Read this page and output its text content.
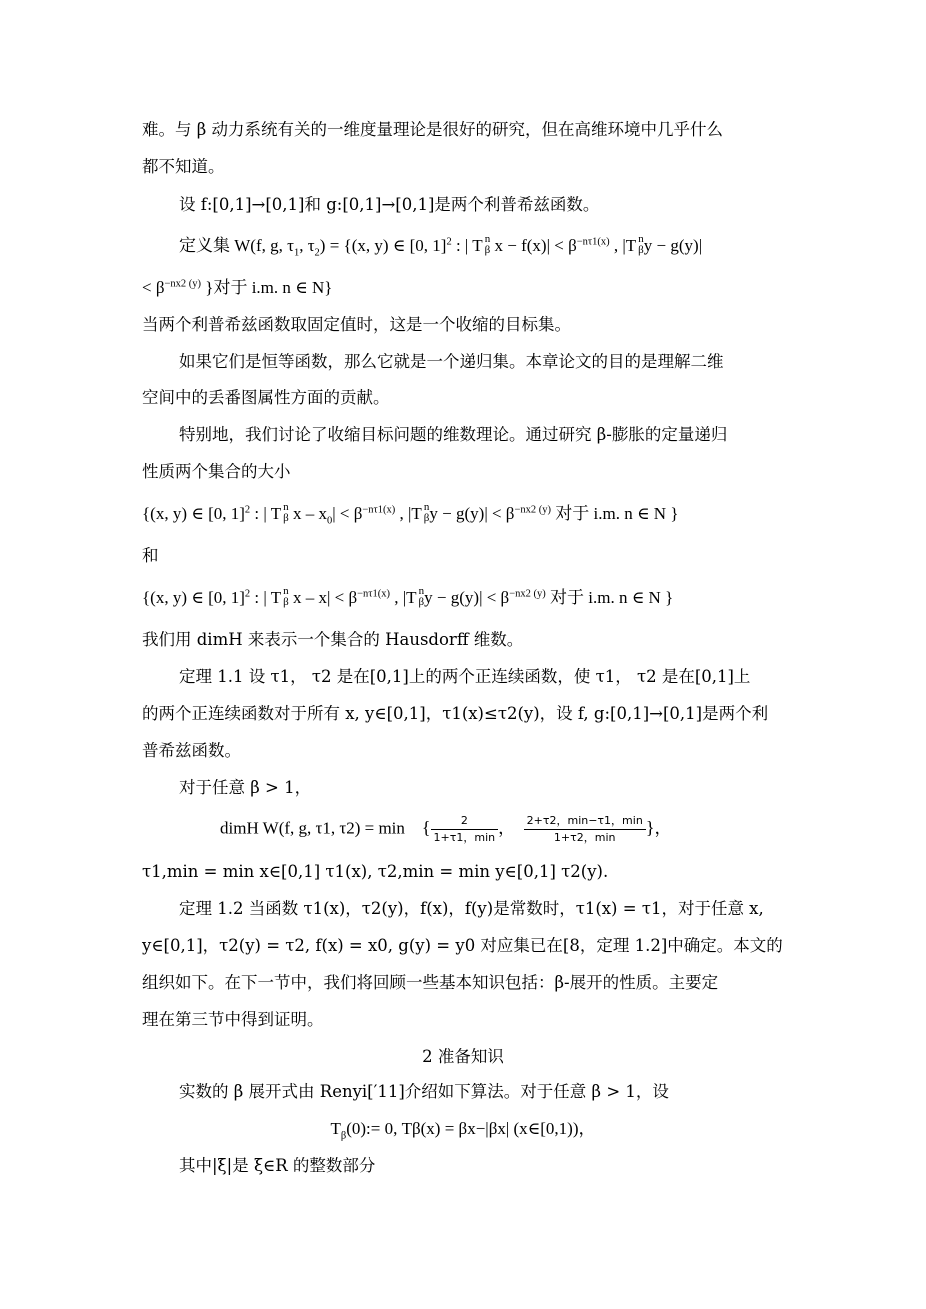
难。与 β 动力系统有关的一维度量理论是很好的研究，但在高维环境中几乎什么
都不知道。
设 f:[0,1]→[0,1]和 g:[0,1]→[0,1]是两个利普希兹函数。
定义集 W(f, g, $\tau_1$, $\tau_2) = \{(x$, y) ∈ [0, 1]$^2$ : | T n
β $x - f(x)| < \beta^{-n\tau 1(x)}$ , |T n
β y − g(y)|
< $\beta^{-nx2 (y)}$ }对于 i.m. n ∈ N}
当两个利普希兹函数取固定值时，这是一个收缩的目标集。
如果它们是恒等函数，那么它就是一个递归集。本章论文的目的是理解二维
空间中的丢番图属性方面的贡献。
特别地，我们讨论了收缩目标问题的维数理论。通过研究 β-膨胀的定量递归
性质两个集合的大小
{(x, y) ∈ [0, 1]$^2$ : | T n
β $x - x_0| < \beta^{-n\tau 1(x)}$ , |T n
β $y - g(y)| < \beta^{-nx2 (y)}$ 对于 i.m. n ∈ N }
和
{(x, y) ∈ [0, 1]$^2$ : | T n
β $x - x| < \beta^{-n\tau 1(x)}$ , |T n
β $y - g(y)| < \beta^{-nx2 (y)}$ 对于 i.m. n ∈ N }
我们用 dimH 来表示一个集合的 Hausdorff 维数。
定理 1.1 设 τ1， τ2 是在[0,1]上的两个正连续函数，使 τ1， τ2 是在[0,1]上
的两个正连续函数对于所有 x, y∈[0,1]，τ1(x)≤τ2(y)，设 f, g:[0,1]→[0,1]是两个利
普希兹函数。
对于任意 β > 1，
dimH W(f, g, τ1, τ2) = min { $\frac{2}{1+\tau 1,\min}$ ， $\frac{2+\tau 2,\min-\tau 1,\min}{1+\tau 2,\min}$ }，
τ1,min = min x∈[0,1] τ1(x), τ2,min = min y∈[0,1] τ2(y).
定理 1.2 当函数 τ1(x)，τ2(y)，f(x)，f(y)是常数时，τ1(x) = τ1，对于任意 x,
y∈[0,1]，τ2(y) = τ2, f(x) = x0, g(y) = y0 对应集已在[8，定理 1.2]中确定。本文的
组织如下。在下一节中，我们将回顾一些基本知识包括：β-展开的性质。主要定
理在第三节中得到证明。
2 准备知识
实数的 β 展开式由 Renyi[′11]介绍如下算法。对于任意 β > 1，设
$T_\beta(0):= 0$, Tβ(x) = βx−|βx| (x∈[0,1))，
其中|ξ|是 ξ∈R 的整数部分
